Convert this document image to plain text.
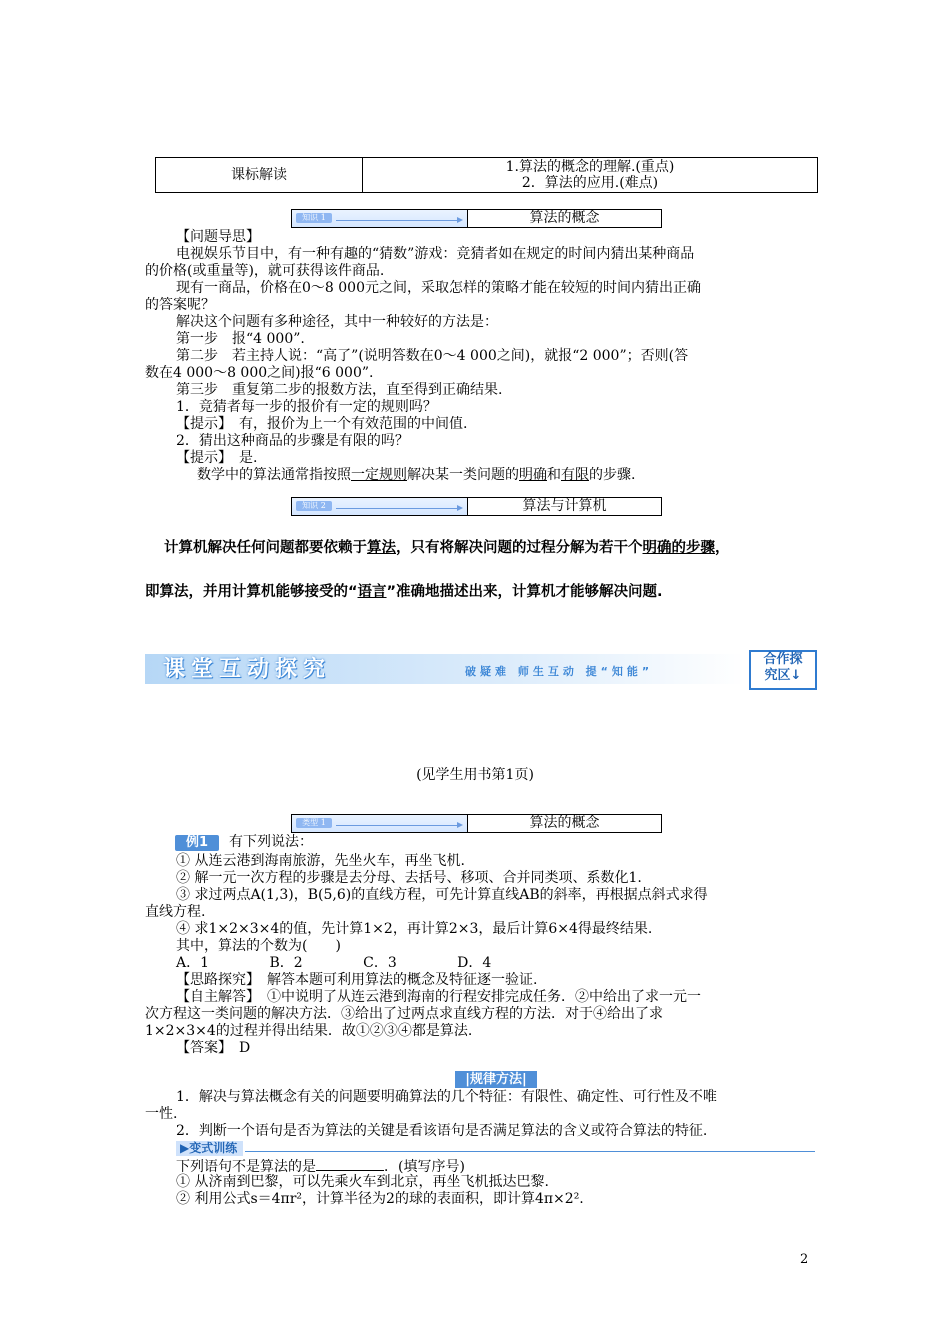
课标解读	1.算法的概念的理解.(重点)
2．算法的应用.(难点)
知识 1	算法的概念
【问题导思】
电视娱乐节目中，有一种有趣的“猜数”游戏：竞猜者如在规定的时间内猜出某种商品
的价格(或重量等)，就可获得该件商品.
现有一商品，价格在0～8 000元之间，采取怎样的策略才能在较短的时间内猜出正确
的答案呢？
解决这个问题有多种途径，其中一种较好的方法是：
第一步　报“4 000”.
第二步　若主持人说：“高了”(说明答数在0～4 000之间)，就报“2 000”；否则(答
数在4 000～8 000之间)报“6 000”.
第三步　重复第二步的报数方法，直至得到正确结果.
1．竞猜者每一步的报价有一定的规则吗？
【提示】　有，报价为上一个有效范围的中间值.
2．猜出这种商品的步骤是有限的吗？
【提示】　是.
数学中的算法通常指按照一定规则解决某一类问题的明确和有限的步骤.
知识 2	算法与计算机
计算机解决任何问题都要依赖于算法，只有将解决问题的过程分解为若干个明确的步骤，
即算法，并用计算机能够接受的“语言”准确地描述出来，计算机才能够解决问题.
课堂互动探究	破疑难 师生互动 提“知能”
合作探
究区↓
(见学生用书第1页)
类型 1	算法的概念
例1 有下列说法：
① 从连云港到海南旅游，先坐火车，再坐飞机.
② 解一元一次方程的步骤是去分母、去括号、移项、合并同类项、系数化1.
③ 求过两点A(1,3)，B(5,6)的直线方程，可先计算直线AB的斜率，再根据点斜式求得
直线方程.
④ 求1×2×3×4的值，先计算1×2，再计算2×3，最后计算6×4得最终结果.
其中，算法的个数为(　　)
A．1　　　　 B．2　　　　 C．3　　　　 D．4
【思路探究】　解答本题可利用算法的概念及特征逐一验证.
【自主解答】　①中说明了从连云港到海南的行程安排完成任务．②中给出了求一元一
次方程这一类问题的解决方法．③给出了过两点求直线方程的方法．对于④给出了求
1×2×3×4的过程并得出结果．故①②③④都是算法.
【答案】　D
|规律方法|
1．解决与算法概念有关的问题要明确算法的几个特征：有限性、确定性、可行性及不唯
一性.
2．判断一个语句是否为算法的关键是看该语句是否满足算法的含义或符合算法的特征.
▶变式训练
下列语句不是算法的是	．(填写序号)
① 从济南到巴黎，可以先乘火车到北京，再坐飞机抵达巴黎.
② 利用公式s＝4πr²，计算半径为2的球的表面积，即计算4π×2².
2
